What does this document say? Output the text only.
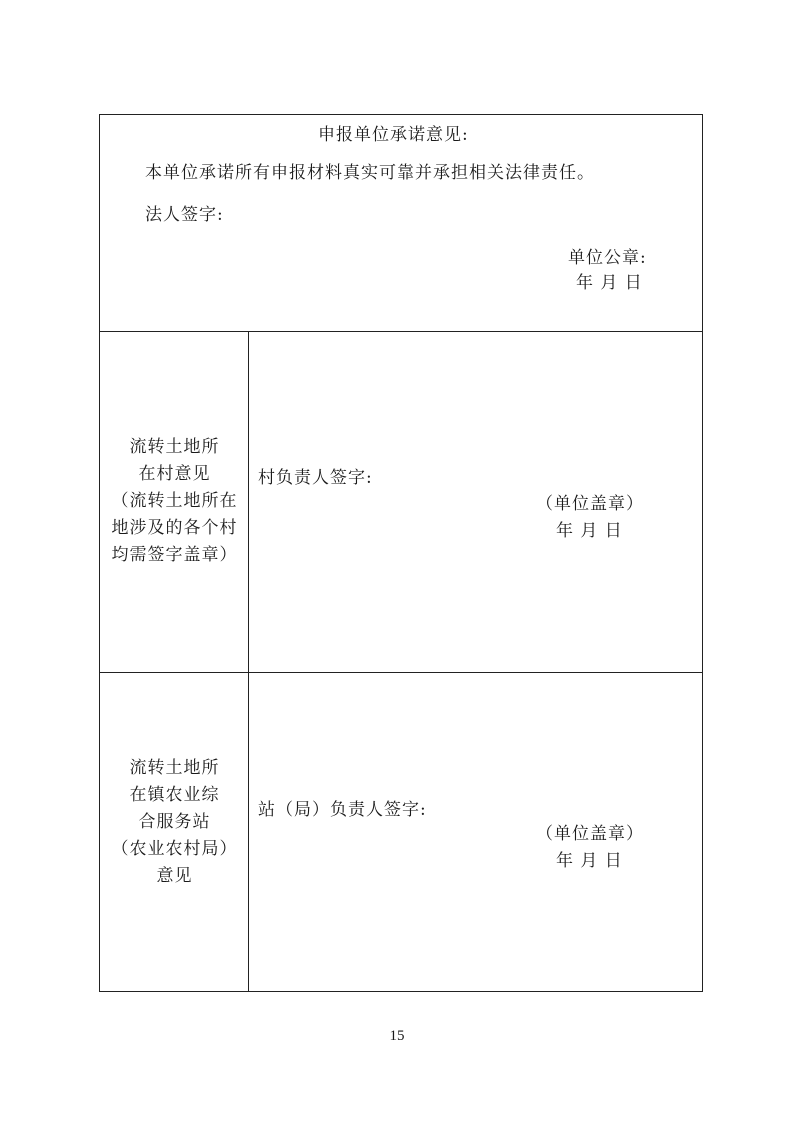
申报单位承诺意见:
本单位承诺所有申报材料真实可靠并承担相关法律责任。
法人签字:
单位公章:
年 月 日
流转土地所
在村意见
（流转土地所在
地涉及的各个村
均需签字盖章）
村负责人签字:
（单位盖章）
年 月 日
流转土地所
在镇农业综
合服务站
（农业农村局）
意见
站（局）负责人签字:
（单位盖章）
年 月 日
15
